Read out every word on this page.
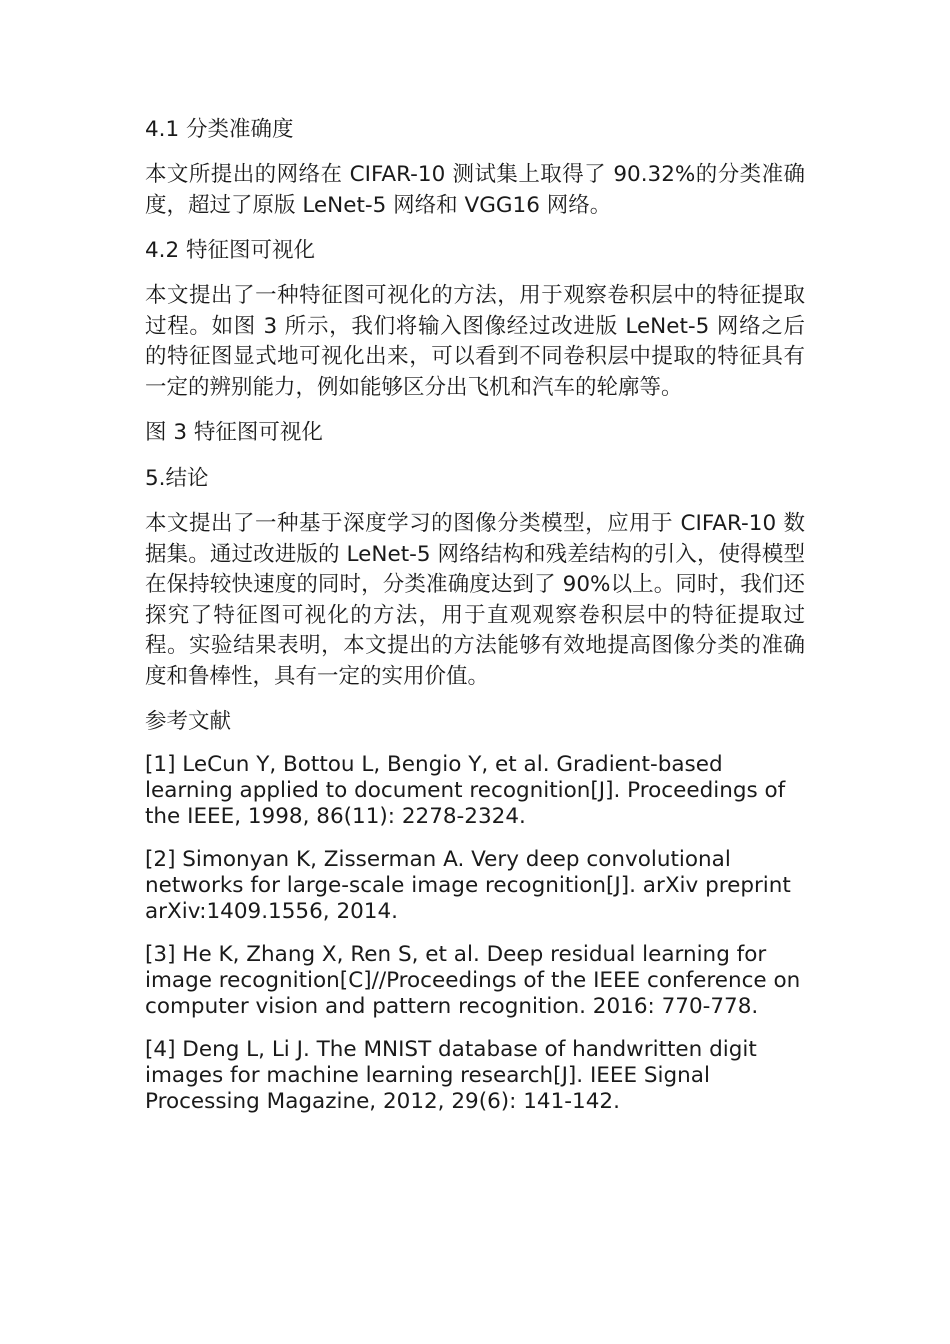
4.1 分类准确度
本文所提出的网络在 CIFAR-10 测试集上取得了 90.32%的分类准确度，超过了原版 LeNet-5 网络和 VGG16 网络。
4.2 特征图可视化
本文提出了一种特征图可视化的方法，用于观察卷积层中的特征提取过程。如图 3 所示，我们将输入图像经过改进版 LeNet-5 网络之后的特征图显式地可视化出来，可以看到不同卷积层中提取的特征具有一定的辨别能力，例如能够区分出飞机和汽车的轮廓等。
图 3 特征图可视化
5.结论
本文提出了一种基于深度学习的图像分类模型，应用于 CIFAR-10 数据集。通过改进版的 LeNet-5 网络结构和残差结构的引入，使得模型在保持较快速度的同时，分类准确度达到了 90%以上。同时，我们还探究了特征图可视化的方法，用于直观观察卷积层中的特征提取过程。实验结果表明，本文提出的方法能够有效地提高图像分类的准确度和鲁棒性，具有一定的实用价值。
参考文献
[1] LeCun Y, Bottou L, Bengio Y, et al. Gradient-based learning applied to document recognition[J]. Proceedings of the IEEE, 1998, 86(11): 2278-2324.
[2] Simonyan K, Zisserman A. Very deep convolutional networks for large-scale image recognition[J]. arXiv preprint arXiv:1409.1556, 2014.
[3] He K, Zhang X, Ren S, et al. Deep residual learning for image recognition[C]//Proceedings of the IEEE conference on computer vision and pattern recognition. 2016: 770-778.
[4] Deng L, Li J. The MNIST database of handwritten digit images for machine learning research[J]. IEEE Signal Processing Magazine, 2012, 29(6): 141-142.
